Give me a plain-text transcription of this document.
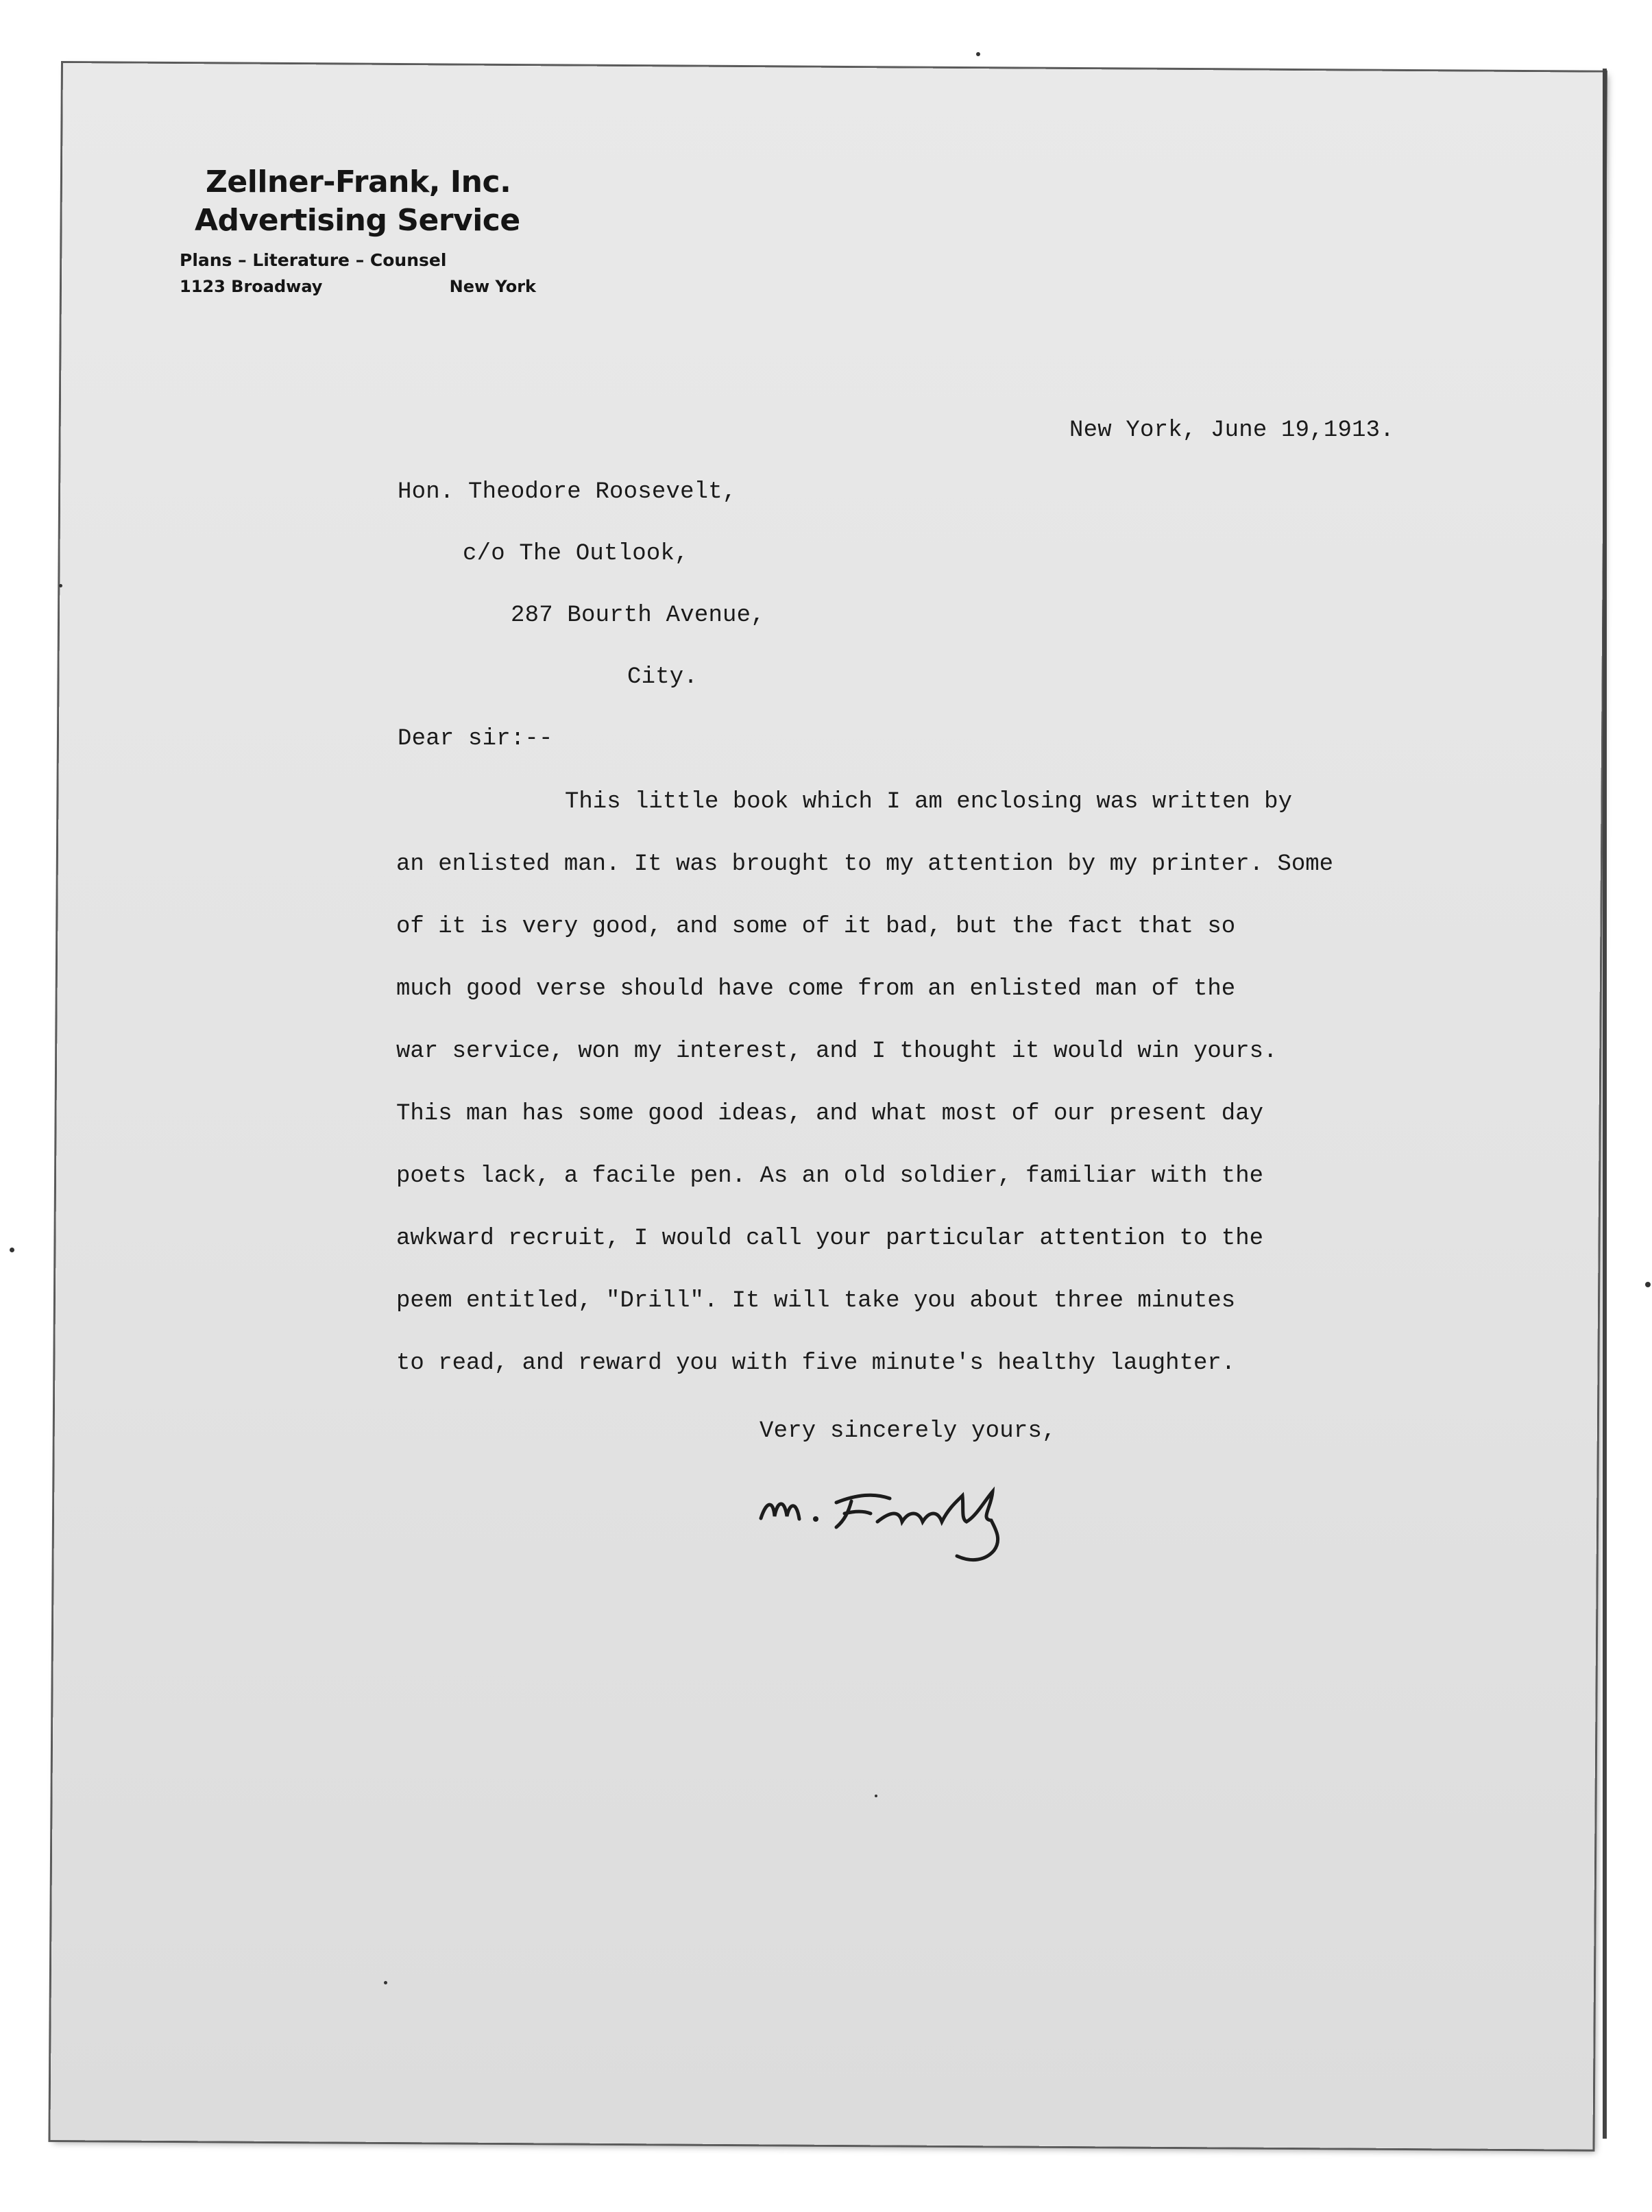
Zellner-Frank, Inc.
Advertising Service
Plans – Literature – Counsel
1123 Broadway	New York
New York, June 19,1913.
Hon. Theodore Roosevelt,
c/o The Outlook,
287 Bourth Avenue,
City.
Dear sir:--
This little book which I am enclosing was written by
an enlisted man. It was brought to my attention by my printer. Some
of it is very good, and some of it bad, but the fact that so
much good verse should have come from an enlisted man of the
war service, won my interest, and I thought it would win yours.
This man has some good ideas, and what most of our present day
poets lack, a facile pen. As an old soldier, familiar with the
awkward recruit, I would call your particular attention to the
peem entitled, "Drill". It will take you about three minutes
to read, and reward you with five minute's healthy laughter.
Very sincerely yours,
